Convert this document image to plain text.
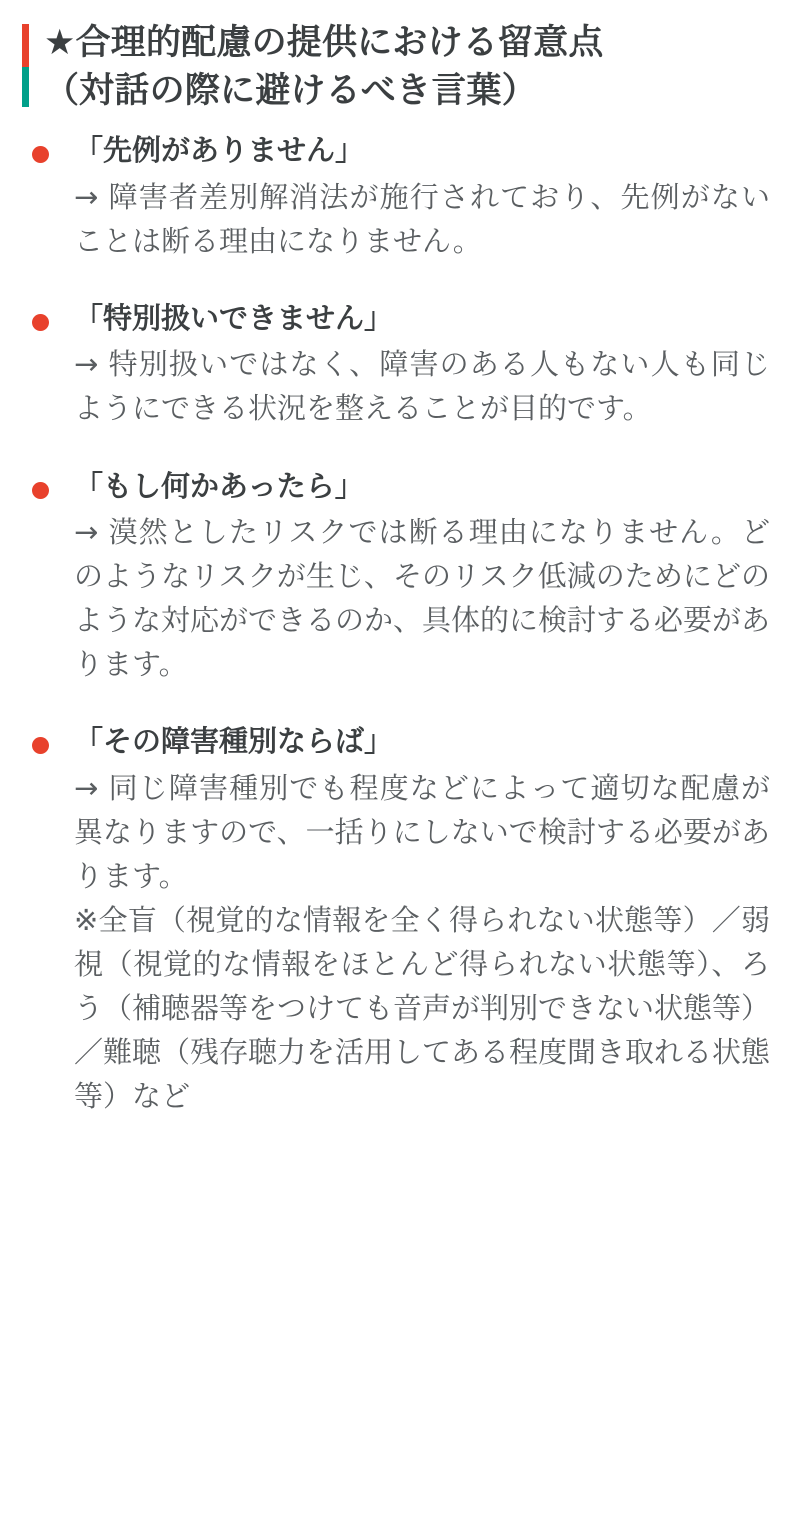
★合理的配慮の提供における留意点
（対話の際に避けるべき言葉）

「先例がありません」

→ 障害者差別解消法が施行されており、先例がないことは断る理由になりません。

「特別扱いできません」

→ 特別扱いではなく、障害のある人もない人も同じようにできる状況を整えることが目的です。

「もし何かあったら」

→ 漠然としたリスクでは断る理由になりません。どのようなリスクが生じ、そのリスク低減のためにどのような対応ができるのか、具体的に検討する必要があります。

「その障害種別ならば」

→ 同じ障害種別でも程度などによって適切な配慮が異なりますので、一括りにしないで検討する必要があります。
※全盲（視覚的な情報を全く得られない状態等）／弱視（視覚的な情報をほとんど得られない状態等）、ろう（補聴器等をつけても音声が判別できない状態等）／難聴（残存聴力を活用してある程度聞き取れる状態等）など
